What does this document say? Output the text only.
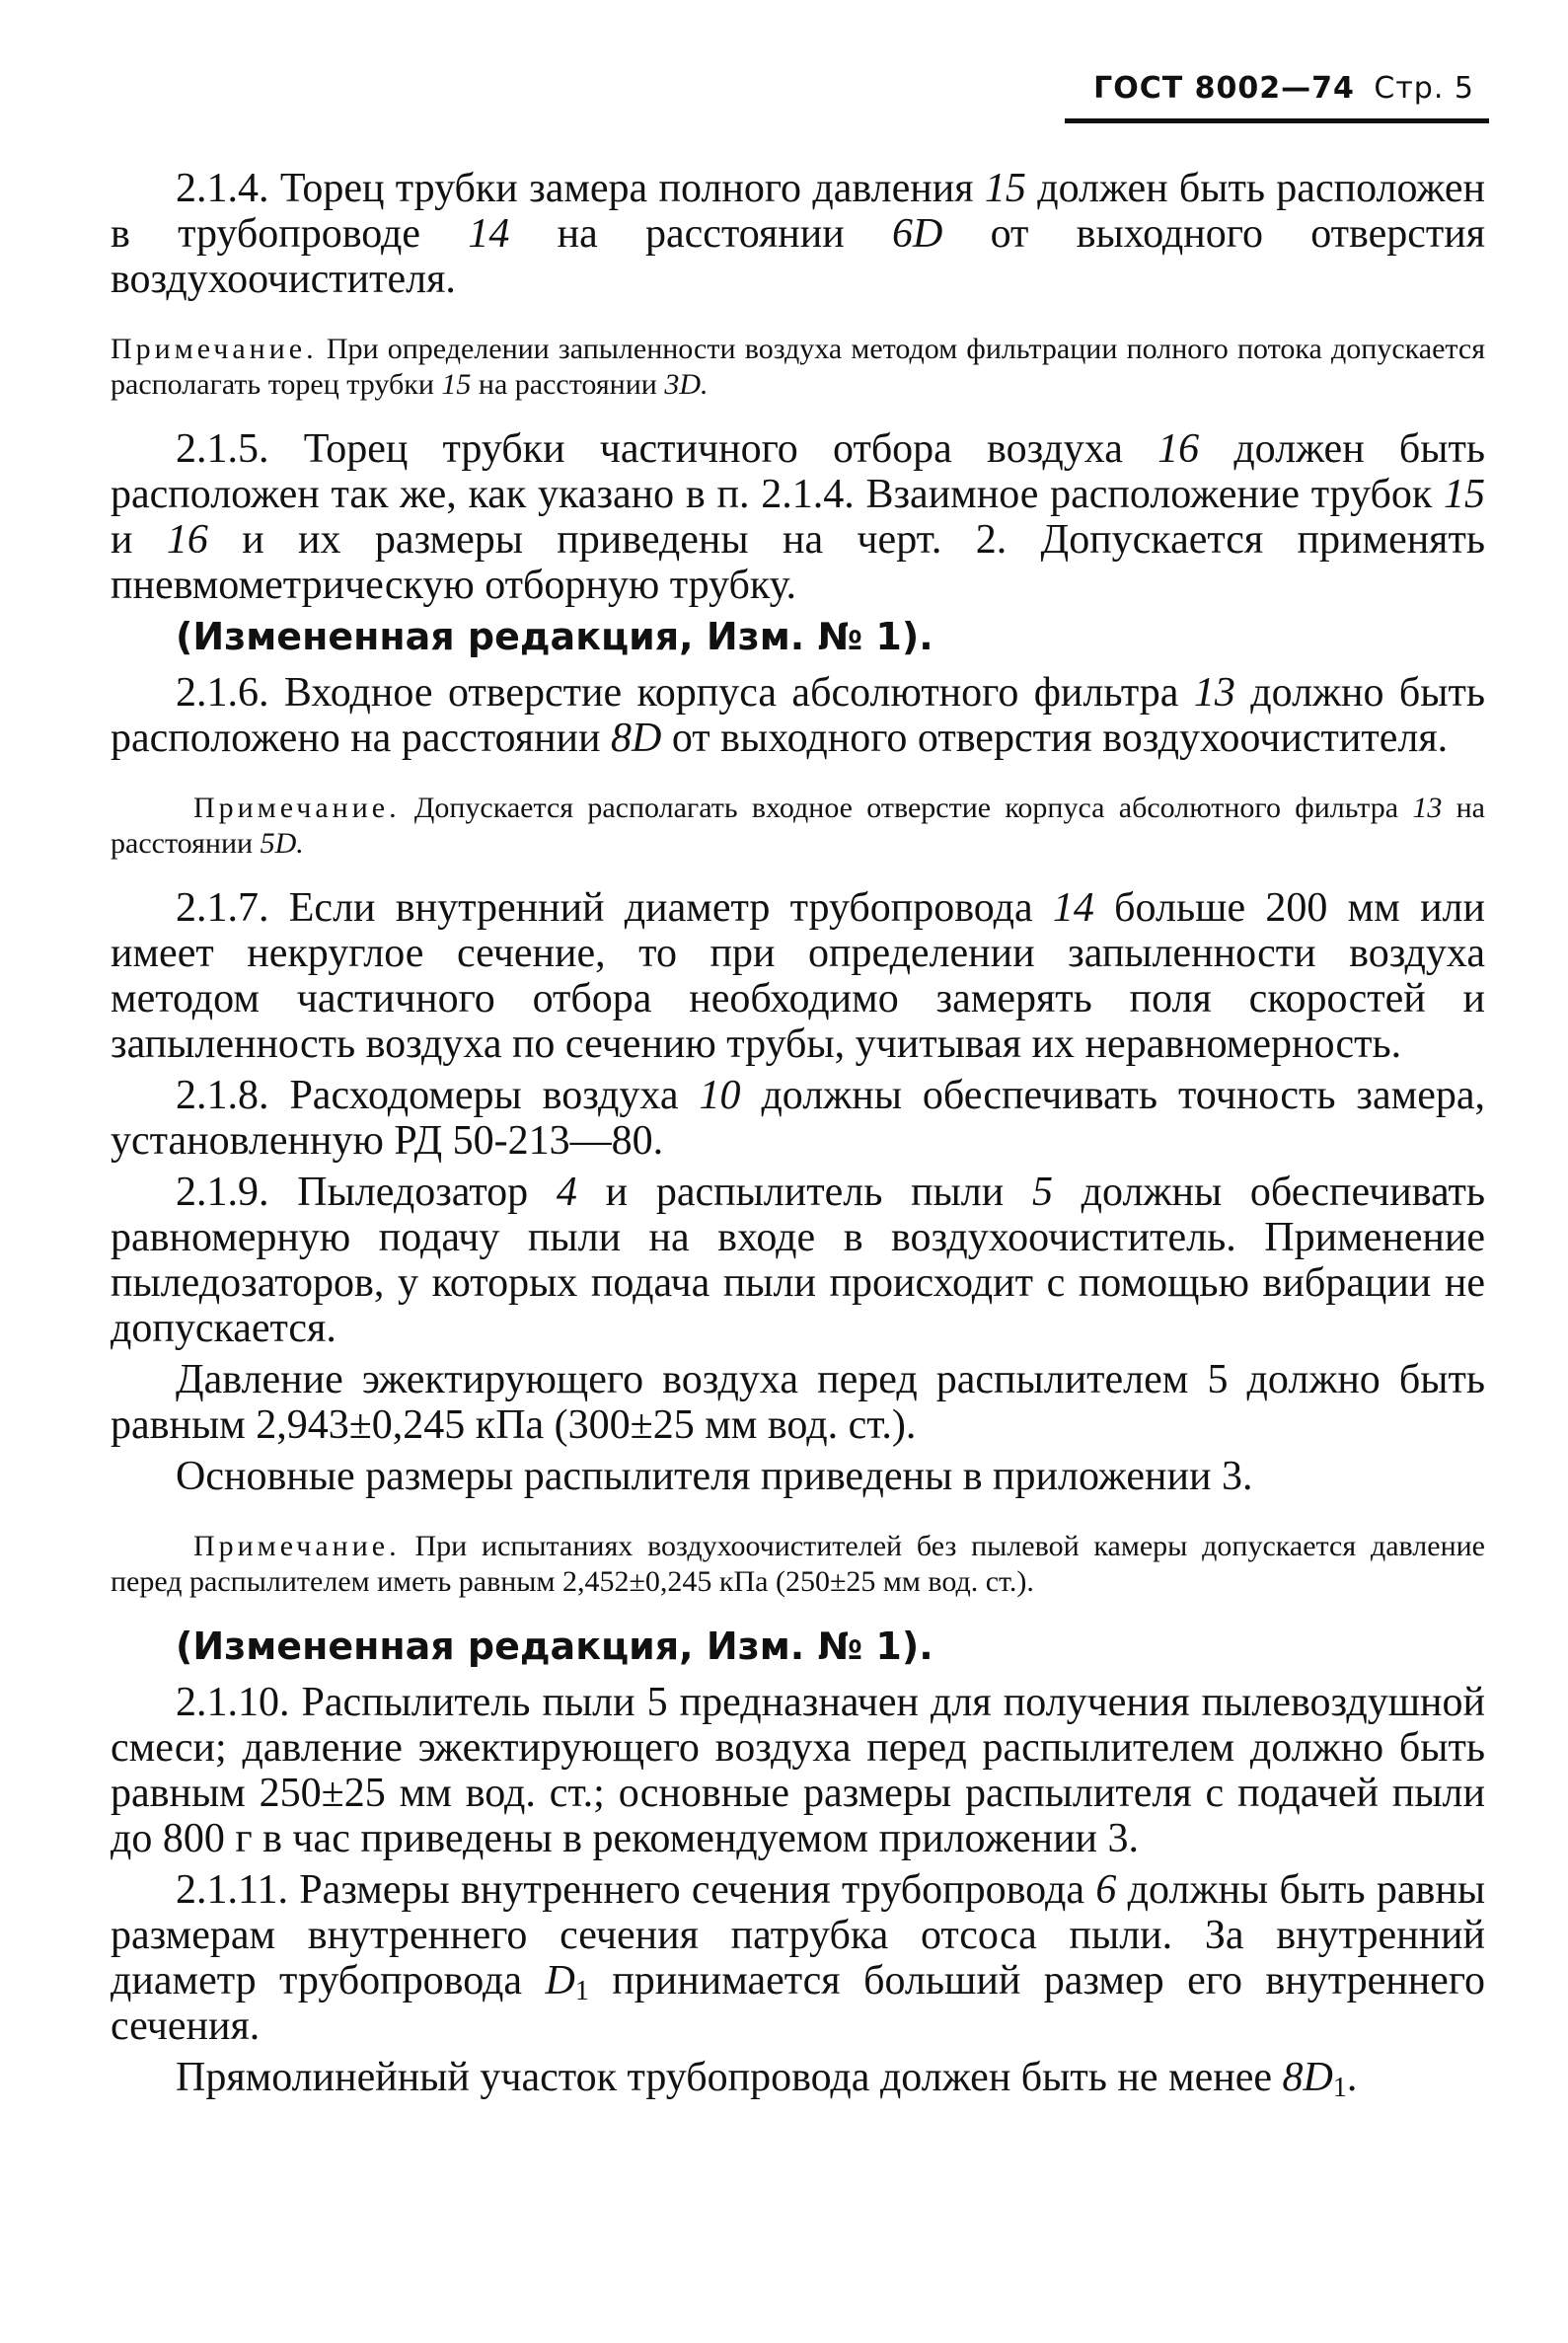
ГОСТ 8002—74 Стр. 5

2.1.4. Торец трубки замера полного давления 15 должен быть расположен в трубопроводе 14 на расстоянии 6D от выходного отверстия воздухоочистителя.

Примечание. При определении запыленности воздуха методом фильтрации полного потока допускается располагать торец трубки 15 на расстоянии 3D.

2.1.5. Торец трубки частичного отбора воздуха 16 должен быть расположен так же, как указано в п. 2.1.4. Взаимное расположение трубок 15 и 16 и их размеры приведены на черт. 2. Допускается применять пневмометрическую отборную трубку.

(Измененная редакция, Изм. № 1).

2.1.6. Входное отверстие корпуса абсолютного фильтра 13 должно быть расположено на расстоянии 8D от выходного отверстия воздухоочистителя.

Примечание. Допускается располагать входное отверстие корпуса абсолютного фильтра 13 на расстоянии 5D.

2.1.7. Если внутренний диаметр трубопровода 14 больше 200 мм или имеет некруглое сечение, то при определении запыленности воздуха методом частичного отбора необходимо замерять поля скоростей и запыленность воздуха по сечению трубы, учитывая их неравномерность.

2.1.8. Расходомеры воздуха 10 должны обеспечивать точность замера, установленную РД 50-213—80.

2.1.9. Пыледозатор 4 и распылитель пыли 5 должны обеспечивать равномерную подачу пыли на входе в воздухоочиститель. Применение пыледозаторов, у которых подача пыли происходит с помощью вибрации не допускается.

Давление эжектирующего воздуха перед распылителем 5 должно быть равным 2,943±0,245 кПа (300±25 мм вод. ст.).

Основные размеры распылителя приведены в приложении 3.

Примечание. При испытаниях воздухоочистителей без пылевой камеры допускается давление перед распылителем иметь равным 2,452±0,245 кПа (250±25 мм вод. ст.).

(Измененная редакция, Изм. № 1).

2.1.10. Распылитель пыли 5 предназначен для получения пылевоздушной смеси; давление эжектирующего воздуха перед распылителем должно быть равным 250±25 мм вод. ст.; основные размеры распылителя с подачей пыли до 800 г в час приведены в рекомендуемом приложении 3.

2.1.11. Размеры внутреннего сечения трубопровода 6 должны быть равны размерам внутреннего сечения патрубка отсоса пыли. За внутренний диаметр трубопровода $D_1$ принимается больший размер его внутреннего сечения.

Прямолинейный участок трубопровода должен быть не менее $8D_1$.
